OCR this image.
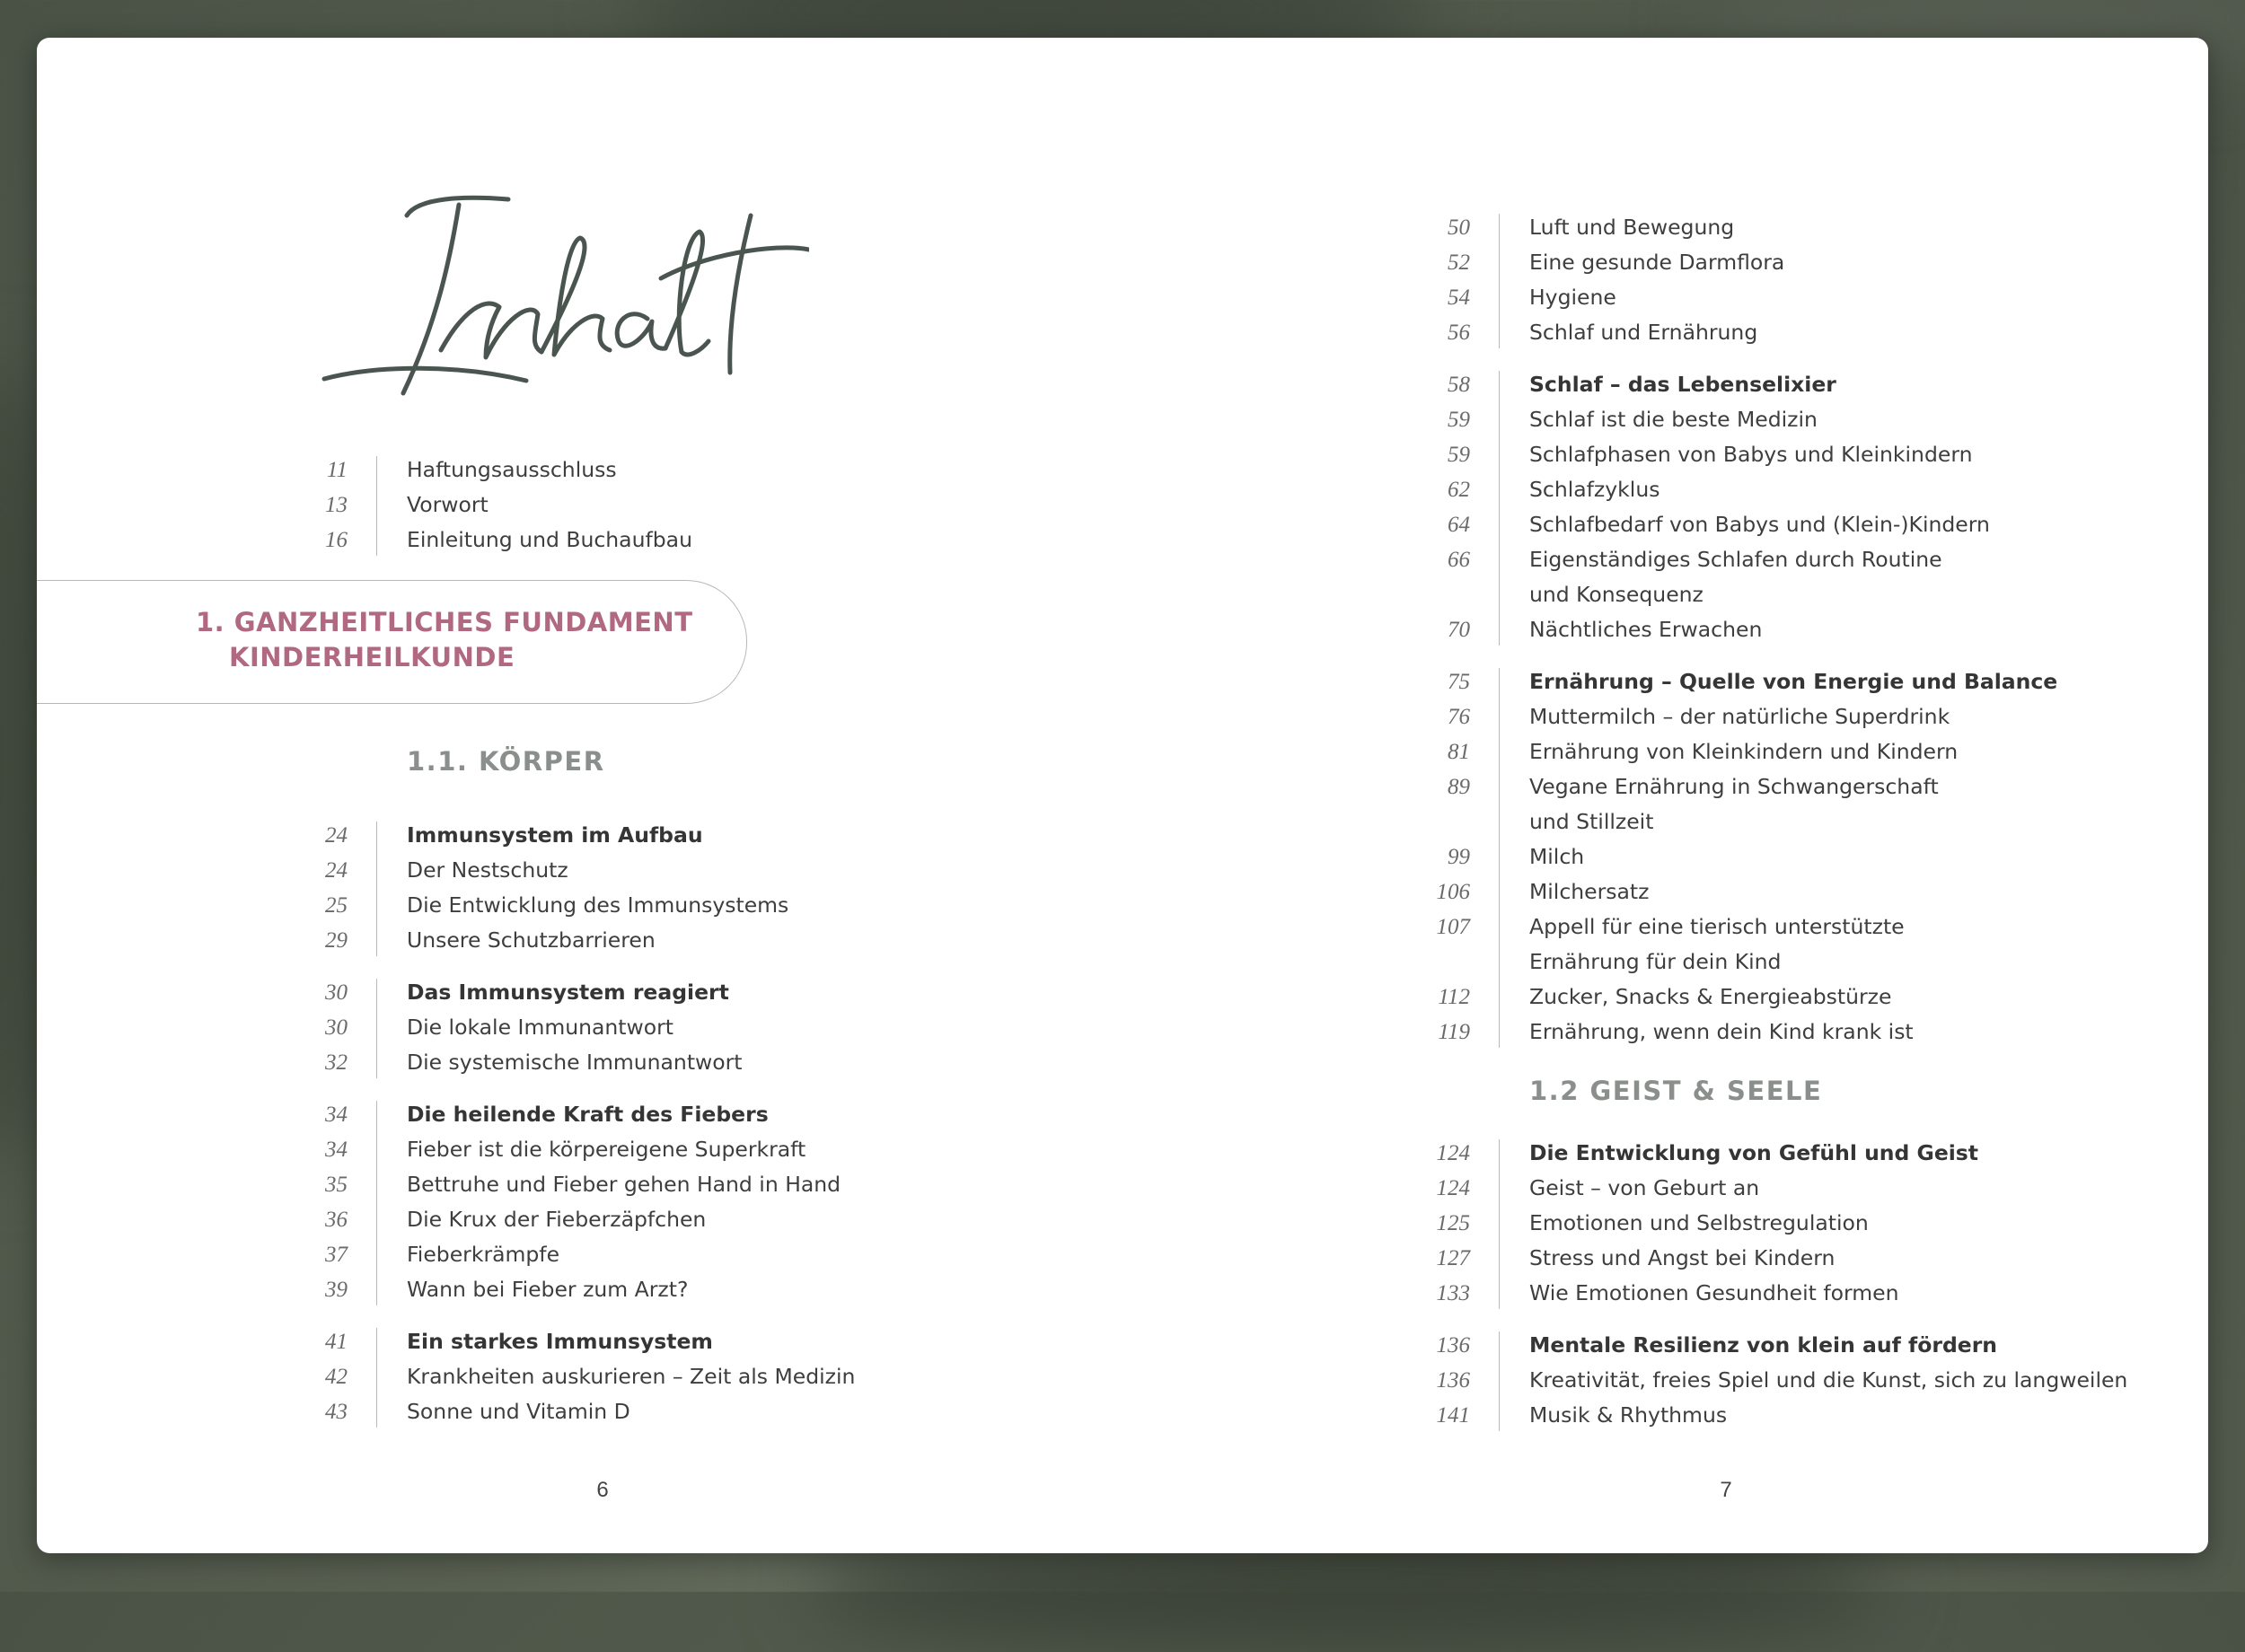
1. GANZHEITLICHES FUNDAMENT
KINDERHEILKUNDE
1.1. KÖRPER
1.2 GEIST & SEELE
11	Haftungsausschluss
13	Vorwort
16	Einleitung und Buchaufbau
24	Immunsystem im Aufbau
24	Der Nestschutz
25	Die Entwicklung des Immunsystems
29	Unsere Schutzbarrieren
30	Das Immunsystem reagiert
30	Die lokale Immunantwort
32	Die systemische Immunantwort
34	Die heilende Kraft des Fiebers
34	Fieber ist die körpereigene Superkraft
35	Bettruhe und Fieber gehen Hand in Hand
36	Die Krux der Fieberzäpfchen
37	Fieberkrämpfe
39	Wann bei Fieber zum Arzt?
41	Ein starkes Immunsystem
42	Krankheiten auskurieren – Zeit als Medizin
43	Sonne und Vitamin D
50	Luft und Bewegung
52	Eine gesunde Darmflora
54	Hygiene
56	Schlaf und Ernährung
58	Schlaf – das Lebenselixier
59	Schlaf ist die beste Medizin
59	Schlafphasen von Babys und Kleinkindern
62	Schlafzyklus
64	Schlafbedarf von Babys und (Klein-)Kindern
66	Eigenständiges Schlafen durch Routine
und Konsequenz
70	Nächtliches Erwachen
75	Ernährung – Quelle von Energie und Balance
76	Muttermilch – der natürliche Superdrink
81	Ernährung von Kleinkindern und Kindern
89	Vegane Ernährung in Schwangerschaft
und Stillzeit
99	Milch
106	Milchersatz
107	Appell für eine tierisch unterstützte
Ernährung für dein Kind
112	Zucker, Snacks & Energieabstürze
119	Ernährung, wenn dein Kind krank ist
124	Die Entwicklung von Gefühl und Geist
124	Geist – von Geburt an
125	Emotionen und Selbstregulation
127	Stress und Angst bei Kindern
133	Wie Emotionen Gesundheit formen
136	Mentale Resilienz von klein auf fördern
136	Kreativität, freies Spiel und die Kunst, sich zu langweilen
141	Musik & Rhythmus
6	7
